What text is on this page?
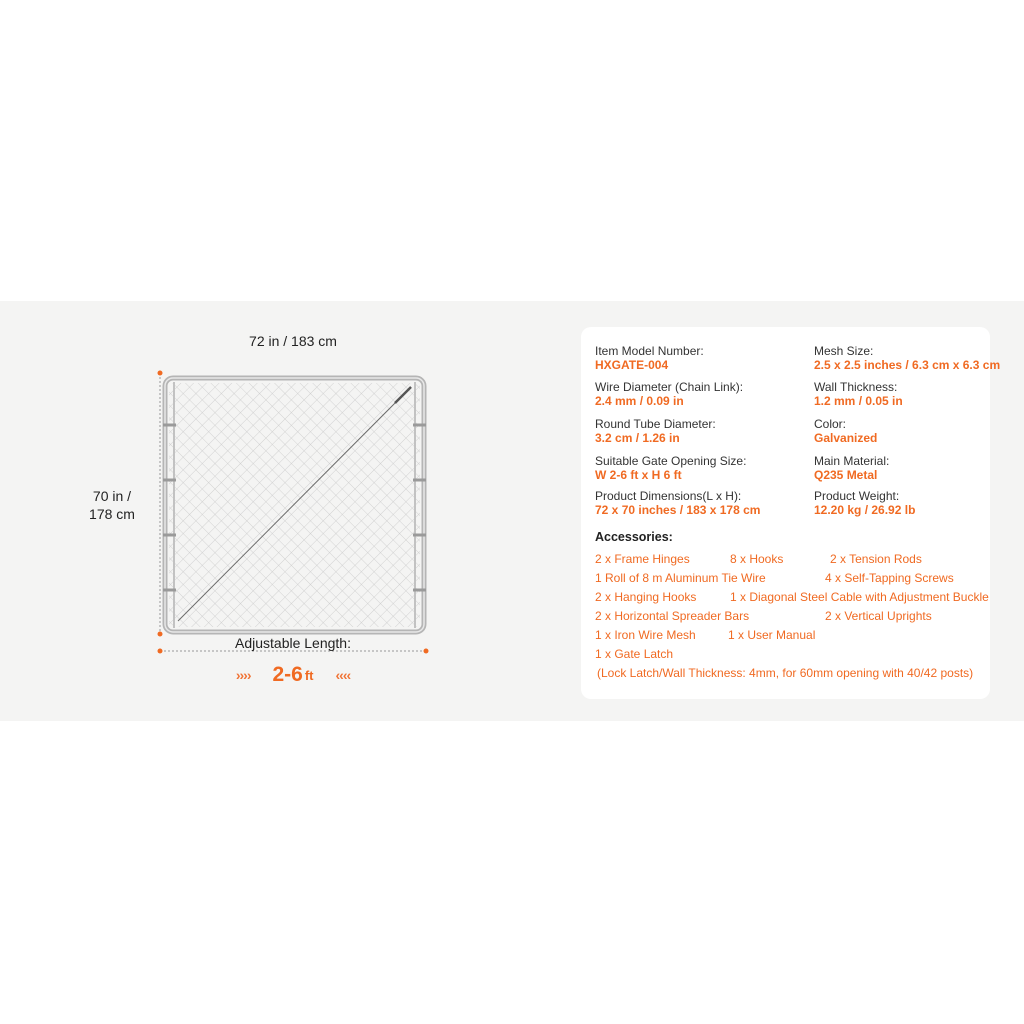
72 in / 183 cm
70 in /
178 cm
Adjustable Length:
›››› 2-6 ft ‹‹‹‹
Item Model Number:
HXGATE-004
Mesh Size:
2.5 x 2.5 inches / 6.3 cm x 6.3 cm
Wire Diameter (Chain Link):
2.4 mm / 0.09 in
Wall Thickness:
1.2 mm / 0.05 in
Round Tube Diameter:
3.2 cm / 1.26 in
Color:
Galvanized
Suitable Gate Opening Size:
W 2-6 ft x H 6 ft
Main Material:
Q235 Metal
Product Dimensions(L x H):
72 x 70 inches / 183 x 178 cm
Product Weight:
12.20 kg / 26.92 lb
Accessories:
2 x Frame Hinges	8 x Hooks	2 x Tension Rods
1 Roll of 8 m Aluminum Tie Wire	4 x Self-Tapping Screws
2 x Hanging Hooks	1 x Diagonal Steel Cable with Adjustment Buckle
2 x Horizontal Spreader Bars	2 x Vertical Uprights
1 x Iron Wire Mesh	1 x User Manual
1 x Gate Latch
(Lock Latch/Wall Thickness: 4mm, for 60mm opening with 40/42 posts)
